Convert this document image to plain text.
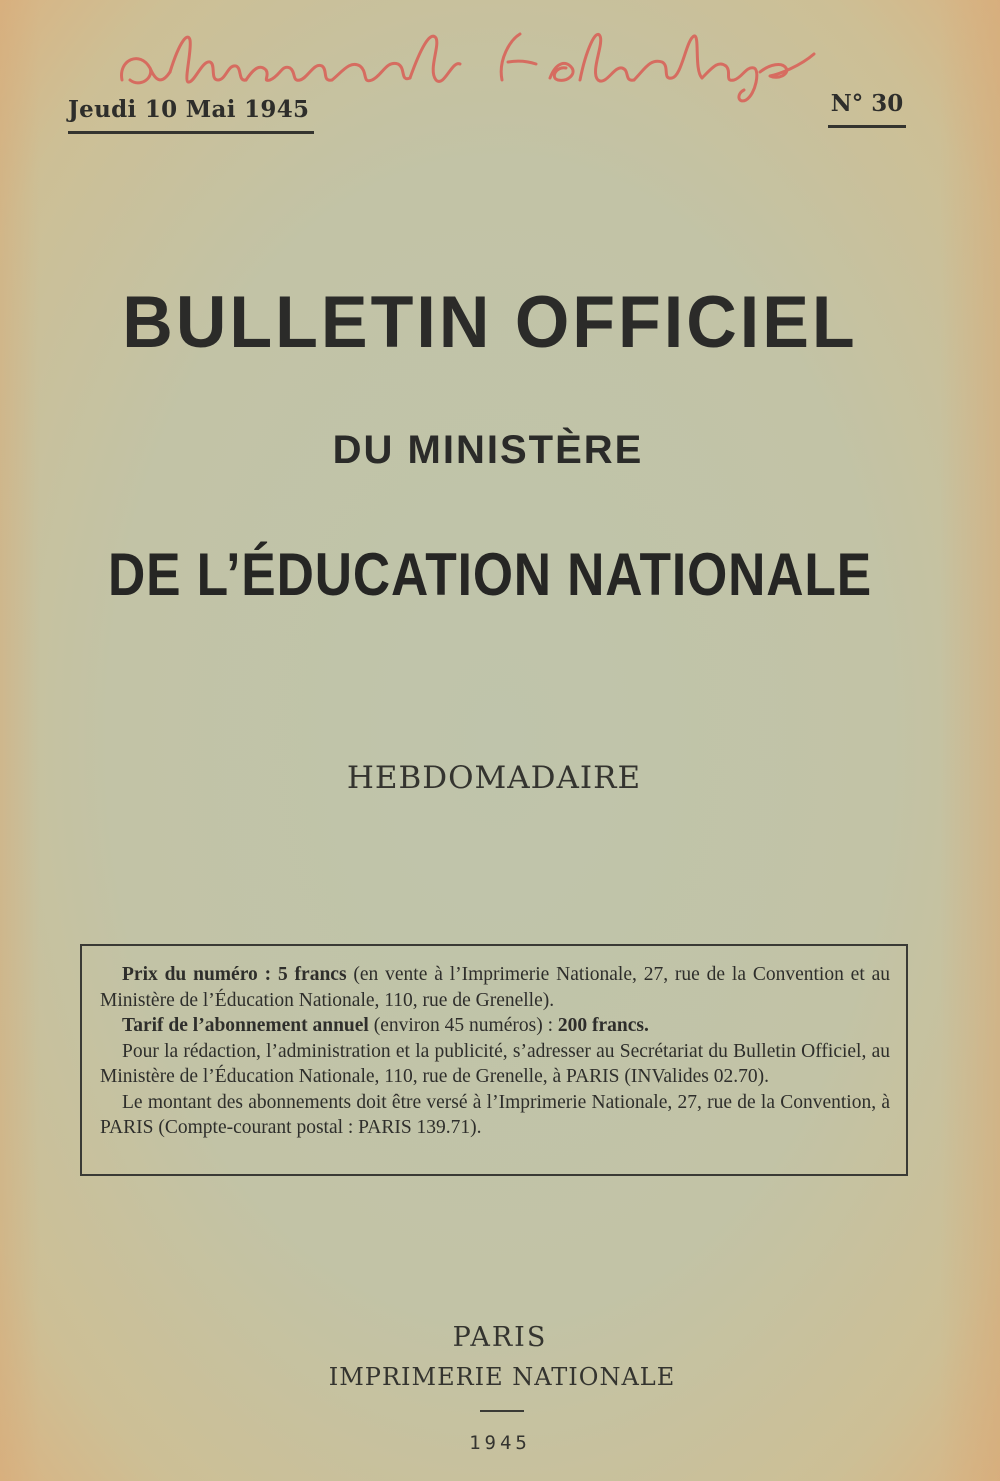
Jeudi 10 Mai 1945	N° 30
BULLETIN OFFICIEL
DU MINISTÈRE
DE L’ÉDUCATION NATIONALE
HEBDOMADAIRE

Prix du numéro : 5 francs (en vente à l’Imprimerie Nationale, 27, rue de la Convention et au Ministère de l’Éducation Nationale, 110, rue de Grenelle).

Tarif de l’abonnement annuel (environ 45 numéros) : 200 francs.

Pour la rédaction, l’administration et la publicité, s’adresser au Secrétariat du Bulletin Officiel, au Ministère de l’Éducation Nationale, 110, rue de Grenelle, à PARIS (INValides 02.70).

Le montant des abonnements doit être versé à l’Imprimerie Nationale, 27, rue de la Convention, à PARIS (Compte-courant postal : PARIS 139.71).

PARIS
IMPRIMERIE NATIONALE
1945
